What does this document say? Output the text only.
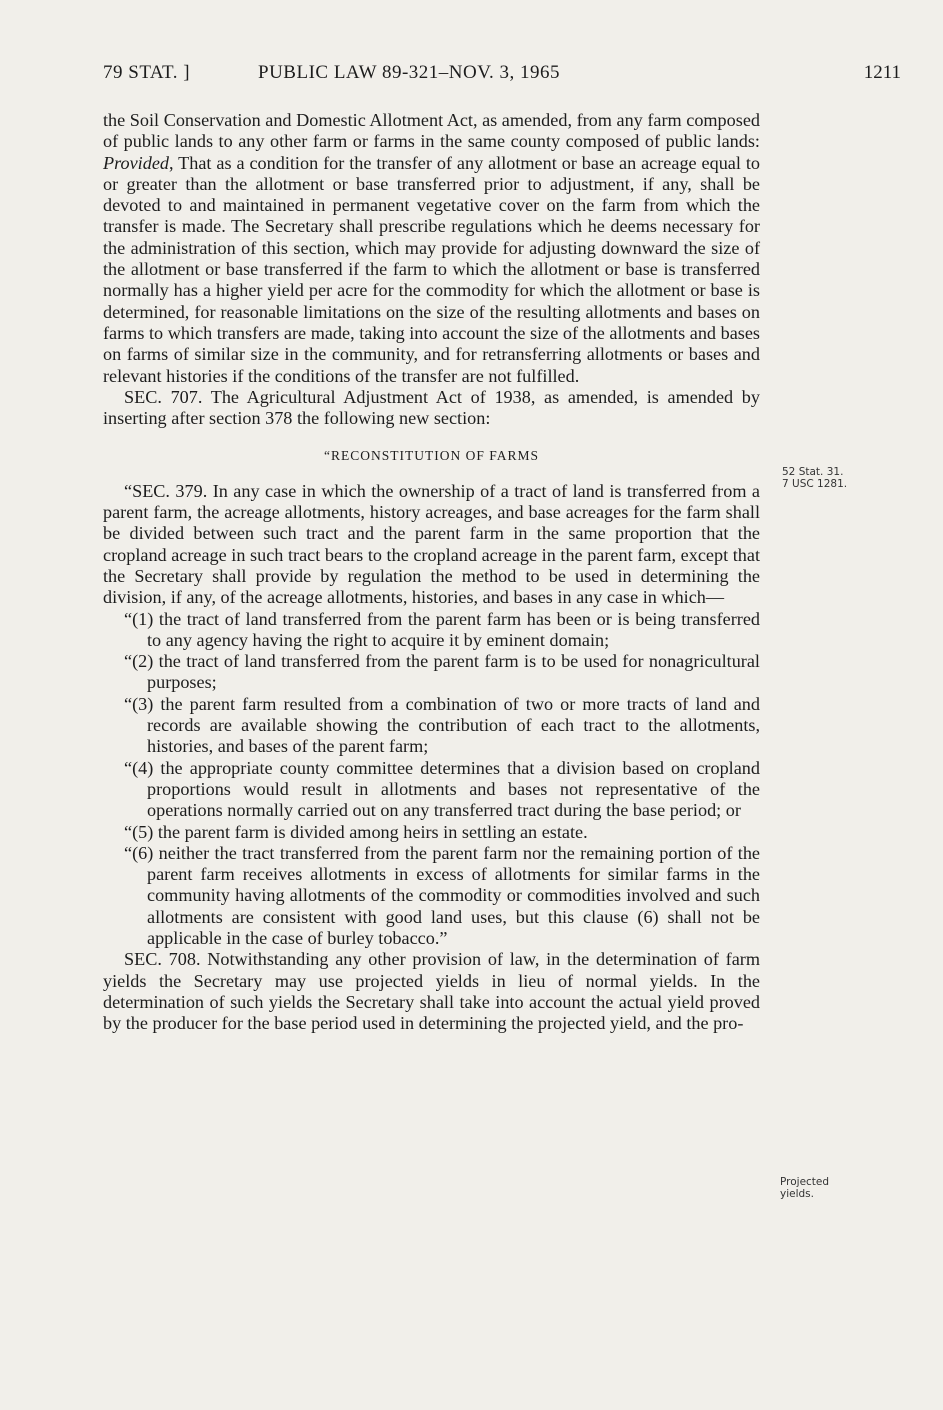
79 STAT. ]	PUBLIC LAW 89-321–NOV. 3, 1965	1211

the Soil Conservation and Domestic Allotment Act, as amended, from any farm composed of public lands to any other farm or farms in the same county composed of public lands: Provided, That as a condition for the transfer of any allotment or base an acreage equal to or greater than the allotment or base transferred prior to adjustment, if any, shall be devoted to and maintained in permanent vegetative cover on the farm from which the transfer is made. The Secretary shall prescribe regulations which he deems necessary for the administration of this section, which may provide for adjusting downward the size of the allotment or base transferred if the farm to which the allotment or base is transferred normally has a higher yield per acre for the commodity for which the allotment or base is determined, for reasonable limitations on the size of the resulting allotments and bases on farms to which transfers are made, taking into account the size of the allotments and bases on farms of similar size in the community, and for retransferring allotments or bases and relevant histories if the conditions of the transfer are not fulfilled.

SEC. 707. The Agricultural Adjustment Act of 1938, as amended, is amended by inserting after section 378 the following new section:

“RECONSTITUTION OF FARMS

“SEC. 379. In any case in which the ownership of a tract of land is transferred from a parent farm, the acreage allotments, history acreages, and base acreages for the farm shall be divided between such tract and the parent farm in the same proportion that the cropland acreage in such tract bears to the cropland acreage in the parent farm, except that the Secretary shall provide by regulation the method to be used in determining the division, if any, of the acreage allotments, histories, and bases in any case in which—

“(1) the tract of land transferred from the parent farm has been or is being transferred to any agency having the right to acquire it by eminent domain;

“(2) the tract of land transferred from the parent farm is to be used for nonagricultural purposes;

“(3) the parent farm resulted from a combination of two or more tracts of land and records are available showing the contribution of each tract to the allotments, histories, and bases of the parent farm;

“(4) the appropriate county committee determines that a division based on cropland proportions would result in allotments and bases not representative of the operations normally carried out on any transferred tract during the base period; or

“(5) the parent farm is divided among heirs in settling an estate.

“(6) neither the tract transferred from the parent farm nor the remaining portion of the parent farm receives allotments in excess of allotments for similar farms in the community having allotments of the commodity or commodities involved and such allotments are consistent with good land uses, but this clause (6) shall not be applicable in the case of burley tobacco.”

SEC. 708. Notwithstanding any other provision of law, in the determination of farm yields the Secretary may use projected yields in lieu of normal yields. In the determination of such yields the Secretary shall take into account the actual yield proved by the producer for the base period used in determining the projected yield, and the pro-

52 Stat. 31.
7 USC 1281.
Projected
yields.
